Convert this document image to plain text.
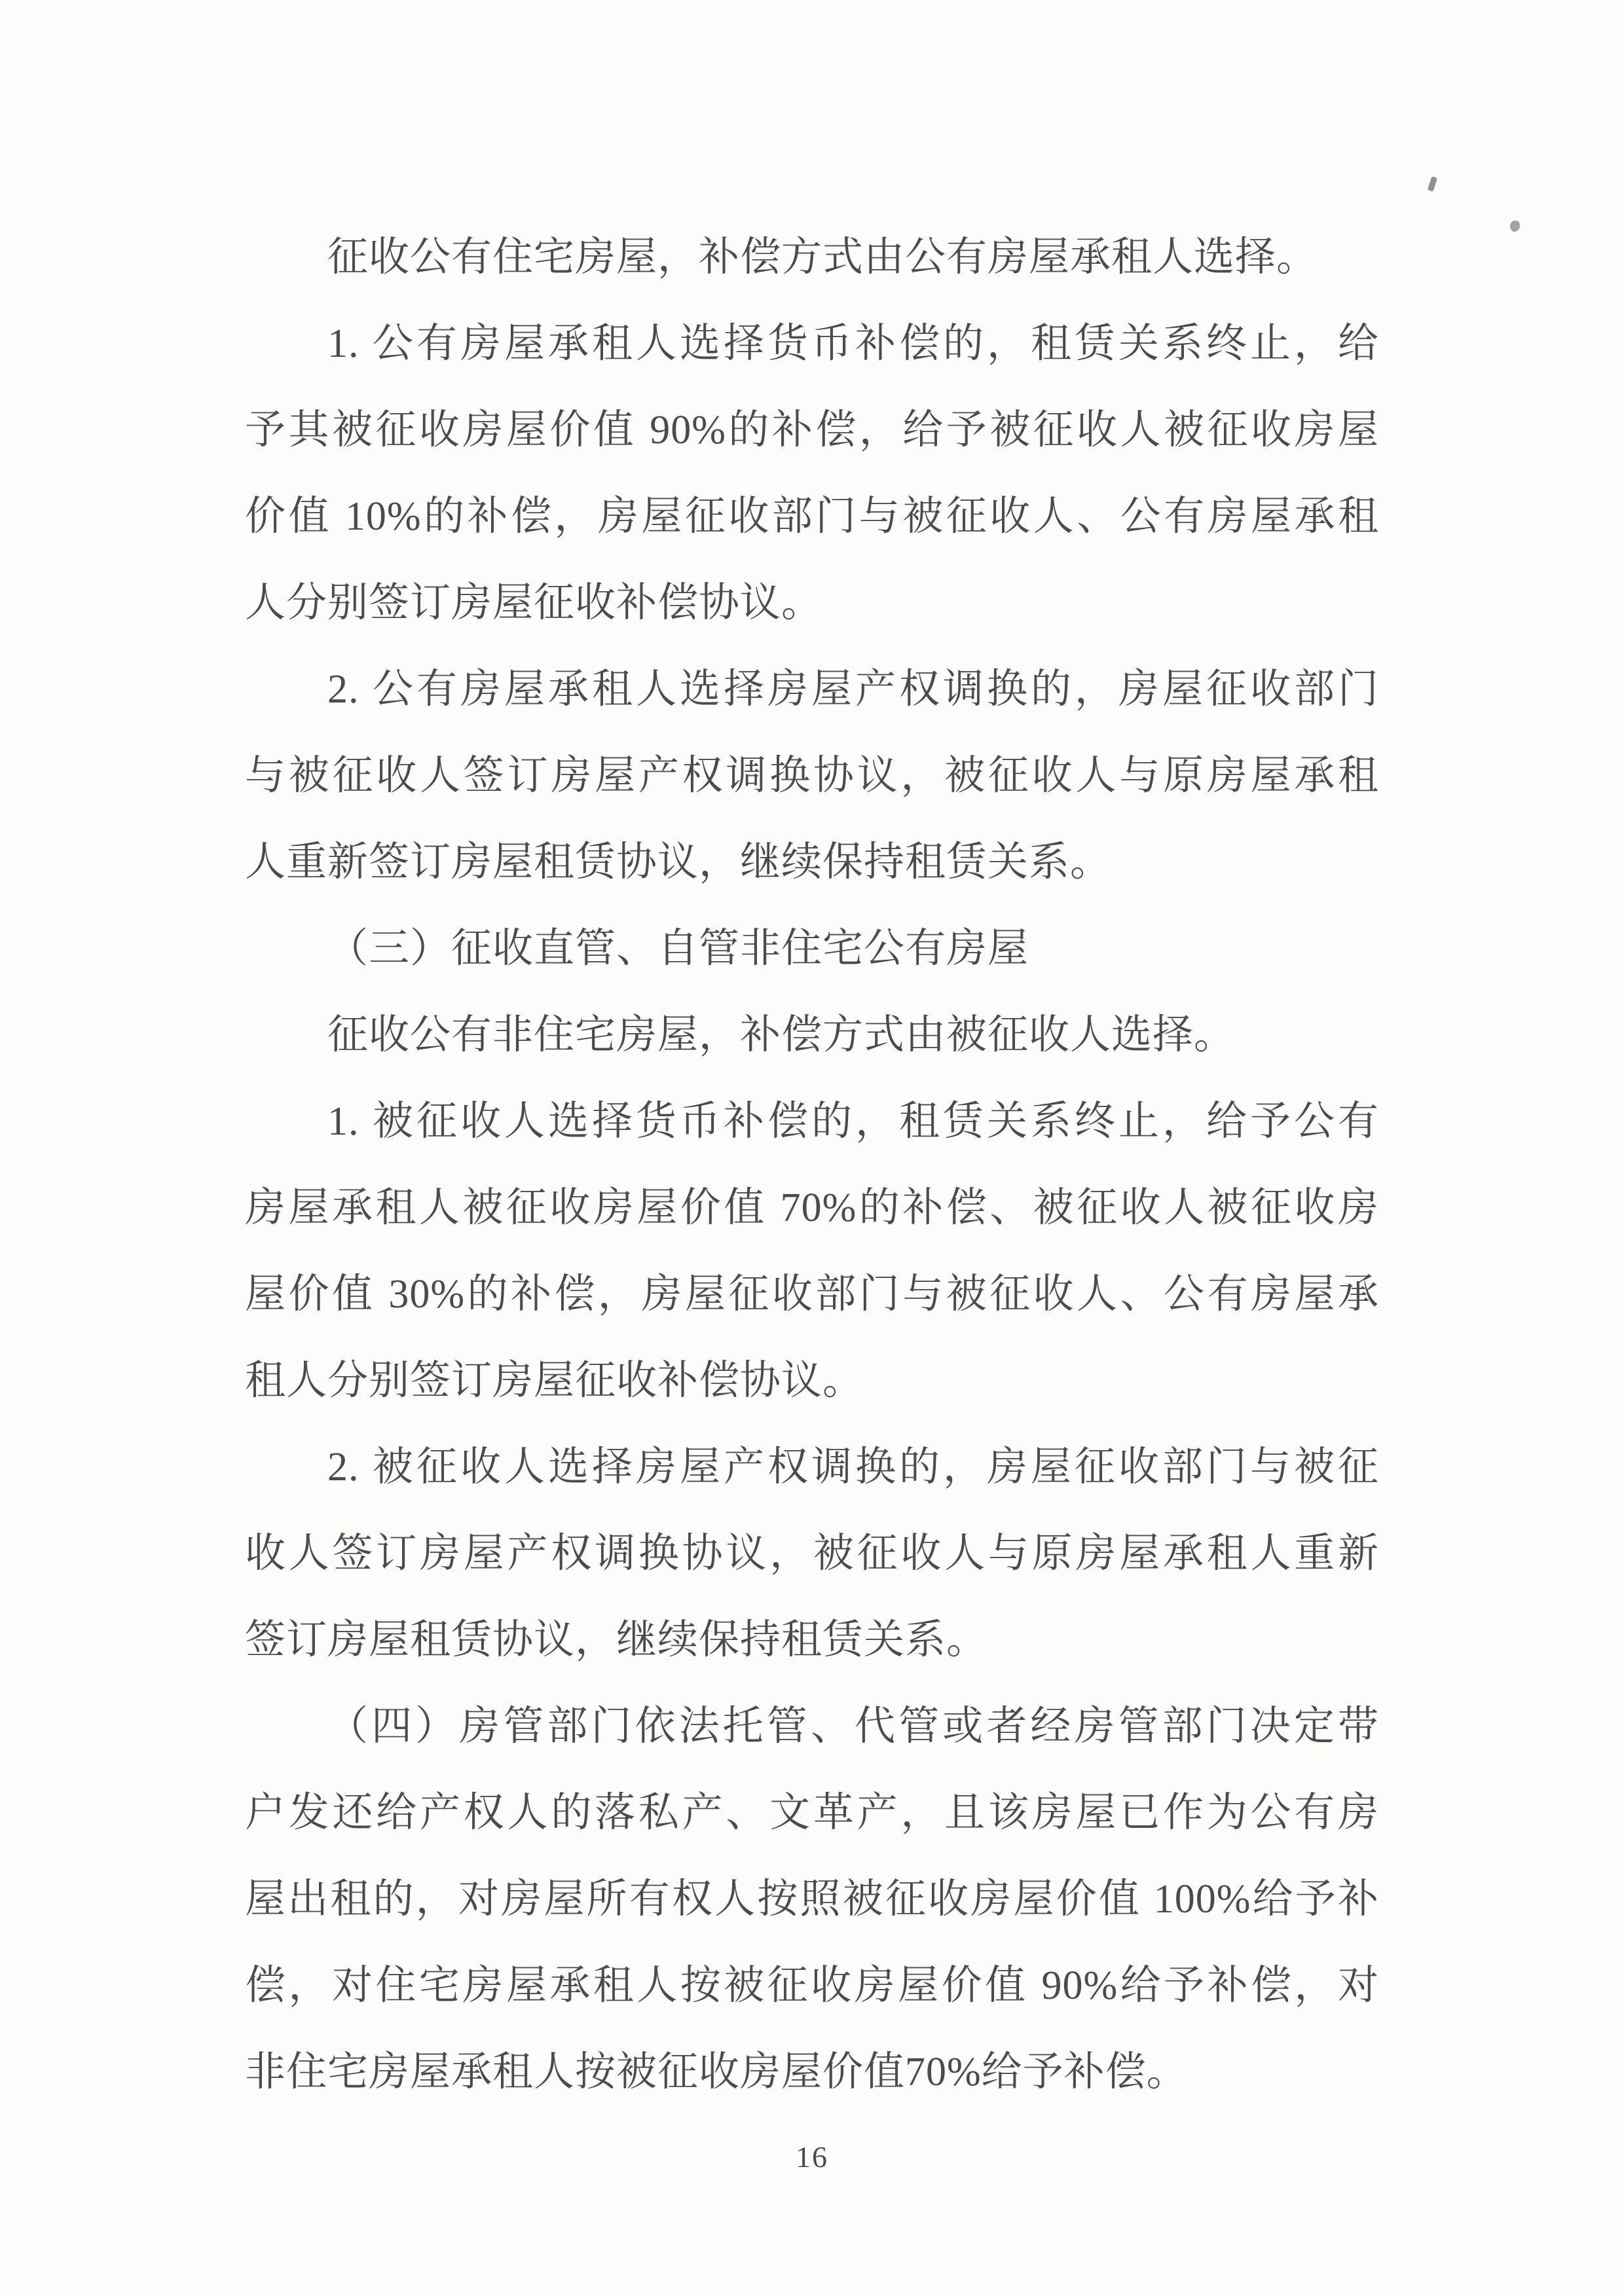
征收公有住宅房屋，补偿方式由公有房屋承租人选择。
1. 公有房屋承租人选择货币补偿的，租赁关系终止，给
予其被征收房屋价值 90%的补偿，给予被征收人被征收房屋
价值 10%的补偿，房屋征收部门与被征收人、公有房屋承租
人分别签订房屋征收补偿协议。
2. 公有房屋承租人选择房屋产权调换的，房屋征收部门
与被征收人签订房屋产权调换协议，被征收人与原房屋承租
人重新签订房屋租赁协议，继续保持租赁关系。
（三）征收直管、自管非住宅公有房屋
征收公有非住宅房屋，补偿方式由被征收人选择。
1. 被征收人选择货币补偿的，租赁关系终止，给予公有
房屋承租人被征收房屋价值 70%的补偿、被征收人被征收房
屋价值 30%的补偿，房屋征收部门与被征收人、公有房屋承
租人分别签订房屋征收补偿协议。
2. 被征收人选择房屋产权调换的，房屋征收部门与被征
收人签订房屋产权调换协议，被征收人与原房屋承租人重新
签订房屋租赁协议，继续保持租赁关系。
（四）房管部门依法托管、代管或者经房管部门决定带
户发还给产权人的落私产、文革产，且该房屋已作为公有房
屋出租的，对房屋所有权人按照被征收房屋价值 100%给予补
偿，对住宅房屋承租人按被征收房屋价值 90%给予补偿，对
非住宅房屋承租人按被征收房屋价值70%给予补偿。
16
